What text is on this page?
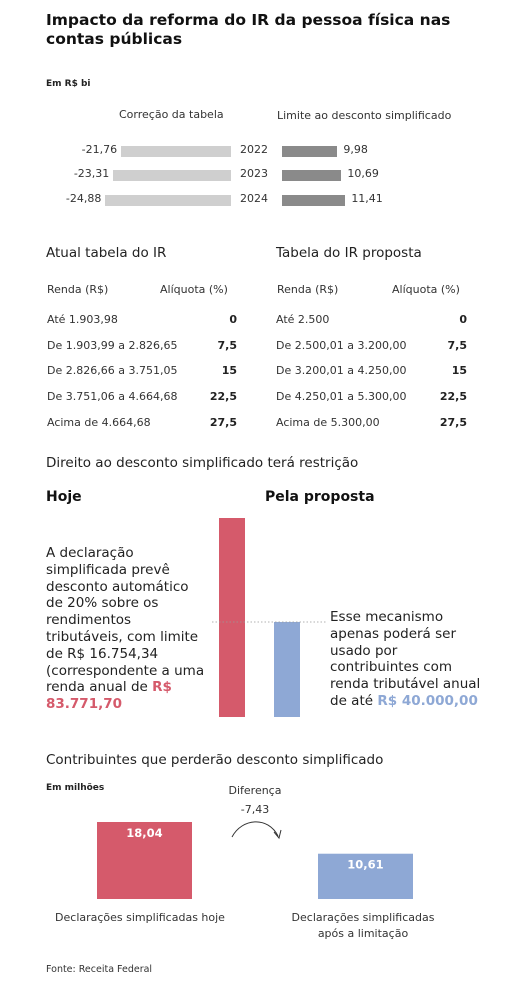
Impacto da reforma do IR da pessoa física nas contas públicas
Em R$ bi
Correção da tabela	Limite ao desconto simplificado
-21,76	2022	9,98
-23,31	2023	10,69
-24,88	2024	11,41
Atual tabela do IR	Tabela do IR proposta
Renda (R$)	Alíquota (%)	Renda (R$)	Alíquota (%)
Até 1.903,98	0
De 1.903,99 a 2.826,65	7,5
De 2.826,66 a 3.751,05	15
De 3.751,06 a 4.664,68	22,5
Acima de 4.664,68	27,5
Até 2.500	0
De 2.500,01 a 3.200,00	7,5
De 3.200,01 a 4.250,00	15
De 4.250,01 a 5.300,00	22,5
Acima de 5.300,00	27,5
Direito ao desconto simplificado terá restrição
Hoje	Pela proposta
A declaração simplificada prevê desconto automático de 20% sobre os rendimentos tributáveis, com limite de R$ 16.754,34 (correspondente a uma renda anual de R$ 83.771,70
Esse mecanismo apenas poderá ser usado por contribuintes com renda tributável anual de até R$ 40.000,00
Contribuintes que perderão desconto simplificado
Em milhões	Diferença
-7,43
18,04
10,61
Declarações simplificadas hoje	Declarações simplificadas após a limitação
Fonte: Receita Federal
